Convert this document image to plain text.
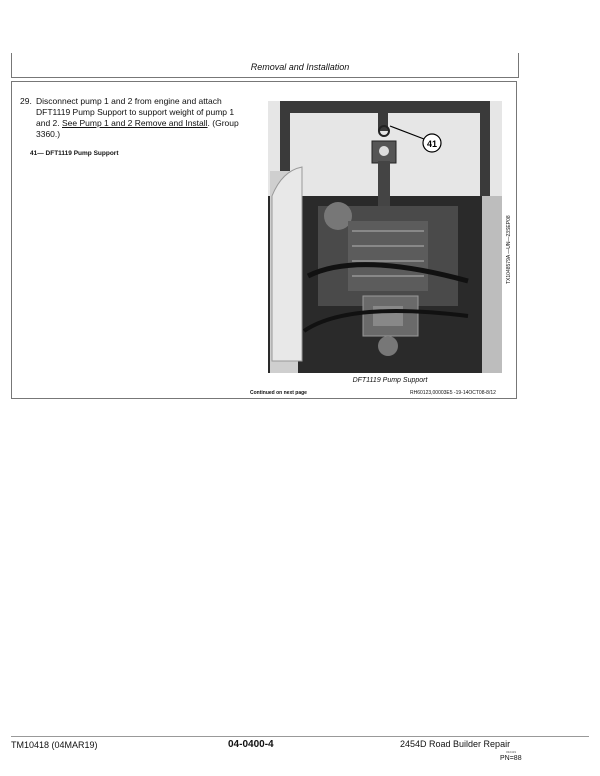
Removal and Installation
29. Disconnect pump 1 and 2 from engine and attach
DFT1119 Pump Support to support weight of pump 1
and 2. See Pump 1 and 2 Remove and Install. (Group
3360.)
41— DFT1119 Pump Support
41
TX1048579A —UN—23SEP08
DFT1119 Pump Support
Continued on next page	RH60123,00003E5 -19-14OCT08-8/12
TM10418 (04MAR19)	04-0400-4	2454D Road Builder Repair
032419
PN=88
